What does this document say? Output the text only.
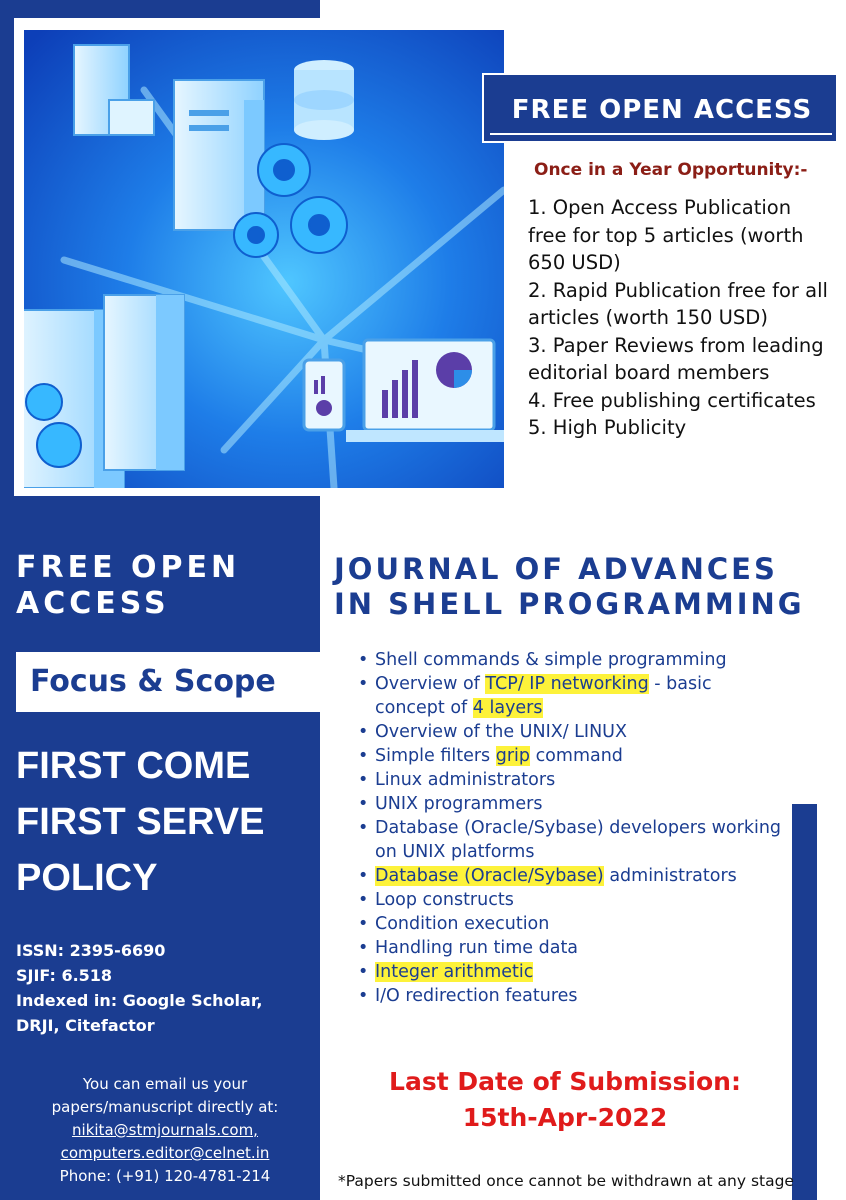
FREE OPEN ACCESS
Once in a Year Opportunity:-
1. Open Access Publication free for top 5 articles (worth 650 USD)
2. Rapid Publication free for all articles (worth 150 USD)
3. Paper Reviews from leading editorial board members
4. Free publishing certificates
5. High Publicity
FREE OPEN
ACCESS
Focus & Scope
FIRST COME
FIRST SERVE
POLICY
ISSN: 2395-6690
SJIF: 6.518
Indexed in: Google Scholar,
DRJI, Citefactor
You can email us your
papers/manuscript directly at:
nikita@stmjournals.com,
computers.editor@celnet.in
Phone: (+91) 120-4781-214
JOURNAL OF ADVANCES
IN SHELL PROGRAMMING
• Shell commands & simple programming
• Overview of TCP/ IP networking - basic concept of 4 layers
• Overview of the UNIX/ LINUX
• Simple filters grip command
• Linux administrators
• UNIX programmers
• Database (Oracle/Sybase) developers working on UNIX platforms
• Database (Oracle/Sybase) administrators
• Loop constructs
• Condition execution
• Handling run time data
• Integer arithmetic
• I/O redirection features
Last Date of Submission:
15th-Apr-2022
*Papers submitted once cannot be withdrawn at any stage
